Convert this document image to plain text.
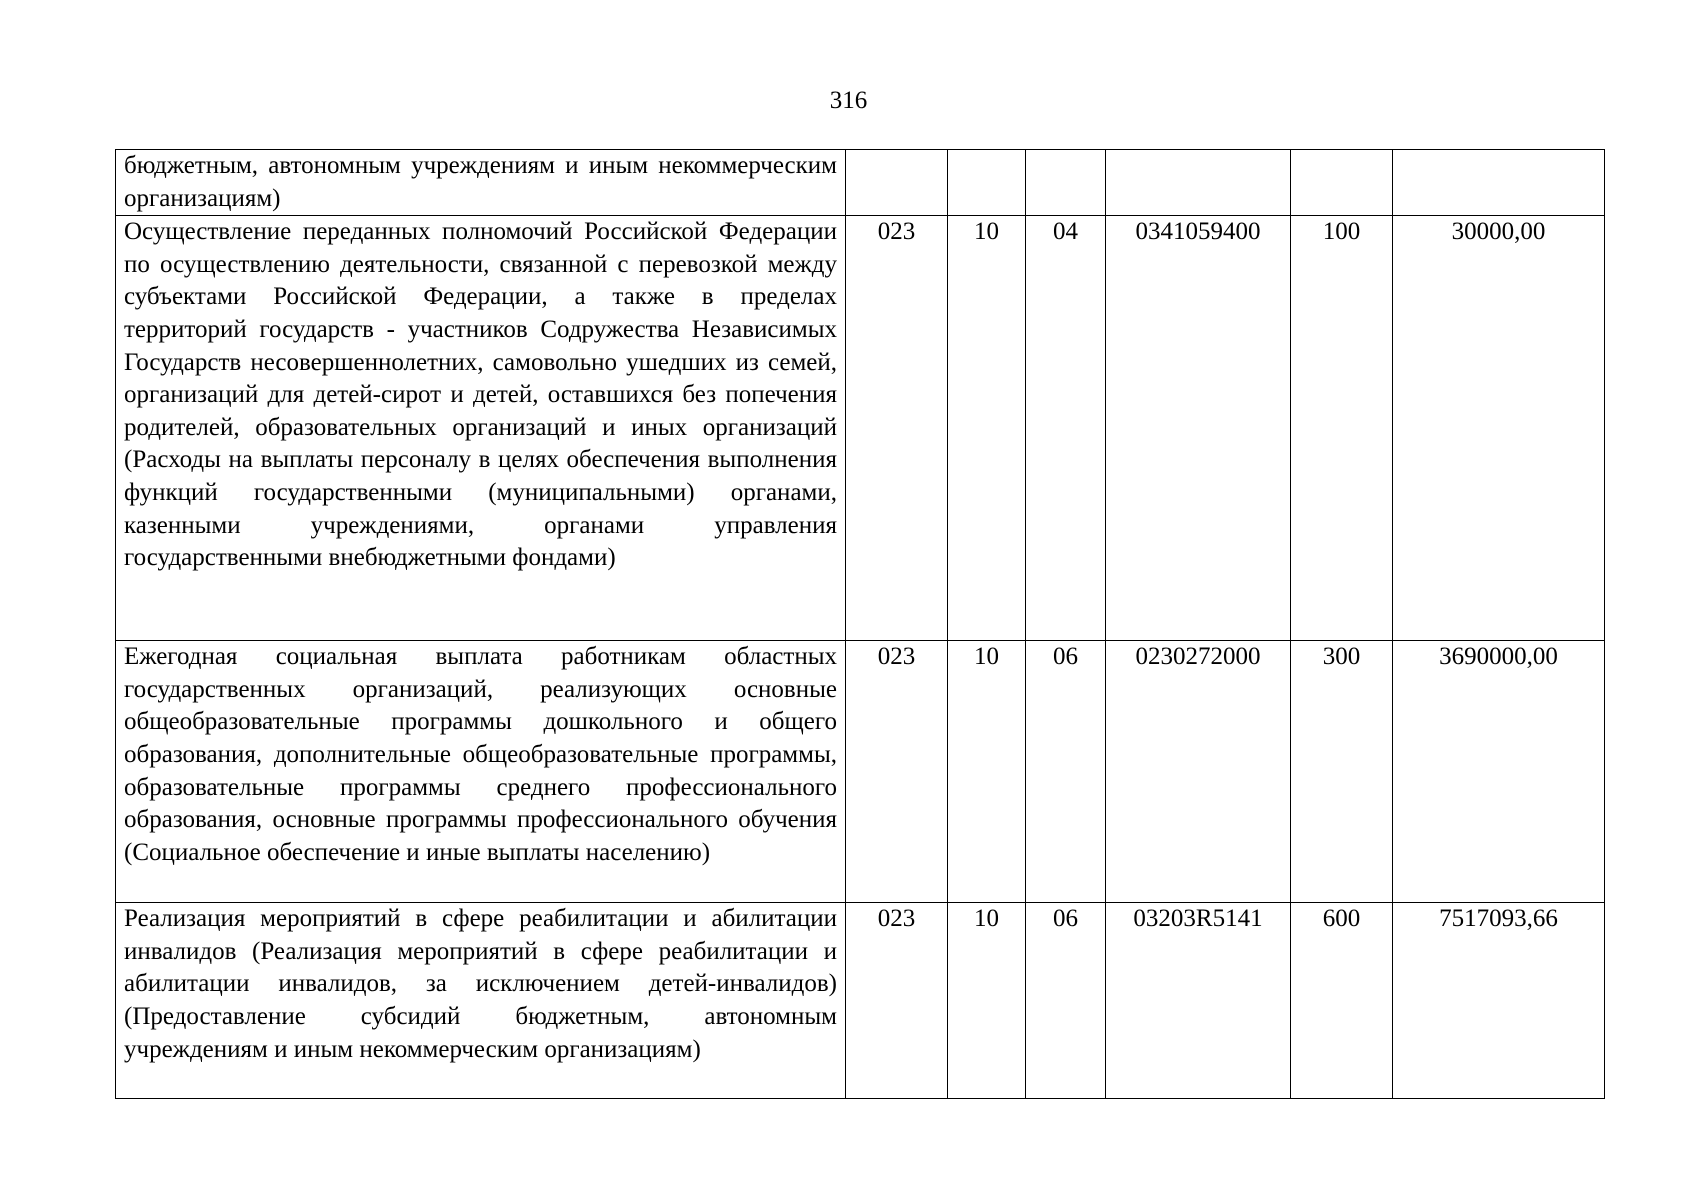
316
бюджетным, автономным учреждениям и иным некоммерческим организациям)						
Осуществление переданных полномочий Российской Федерации по осуществлению деятельности, связанной с перевозкой между субъектами Российской Федерации, а также в пределах территорий государств - участников Содружества Независимых Государств несовершеннолетних, самовольно ушедших из семей, организаций для детей-сирот и детей, оставшихся без попечения родителей, образовательных организаций и иных организаций (Расходы на выплаты персоналу в целях обеспечения выполнения функций государственными (муниципальными) органами, казенными учреждениями, органами управления государственными внебюджетными фондами)	023	10	04	0341059400	100	30000,00
Ежегодная социальная выплата работникам областных государственных организаций, реализующих основные общеобразовательные программы дошкольного и общего образования, дополнительные общеобразовательные программы, образовательные программы среднего профессионального образования, основные программы профессионального обучения (Социальное обеспечение и иные выплаты населению)	023	10	06	0230272000	300	3690000,00
Реализация мероприятий в сфере реабилитации и абилитации инвалидов (Реализация мероприятий в сфере реабилитации и абилитации инвалидов, за исключением детей-инвалидов) (Предоставление субсидий бюджетным, автономным учреждениям и иным некоммерческим организациям)	023	10	06	03203R5141	600	7517093,66
